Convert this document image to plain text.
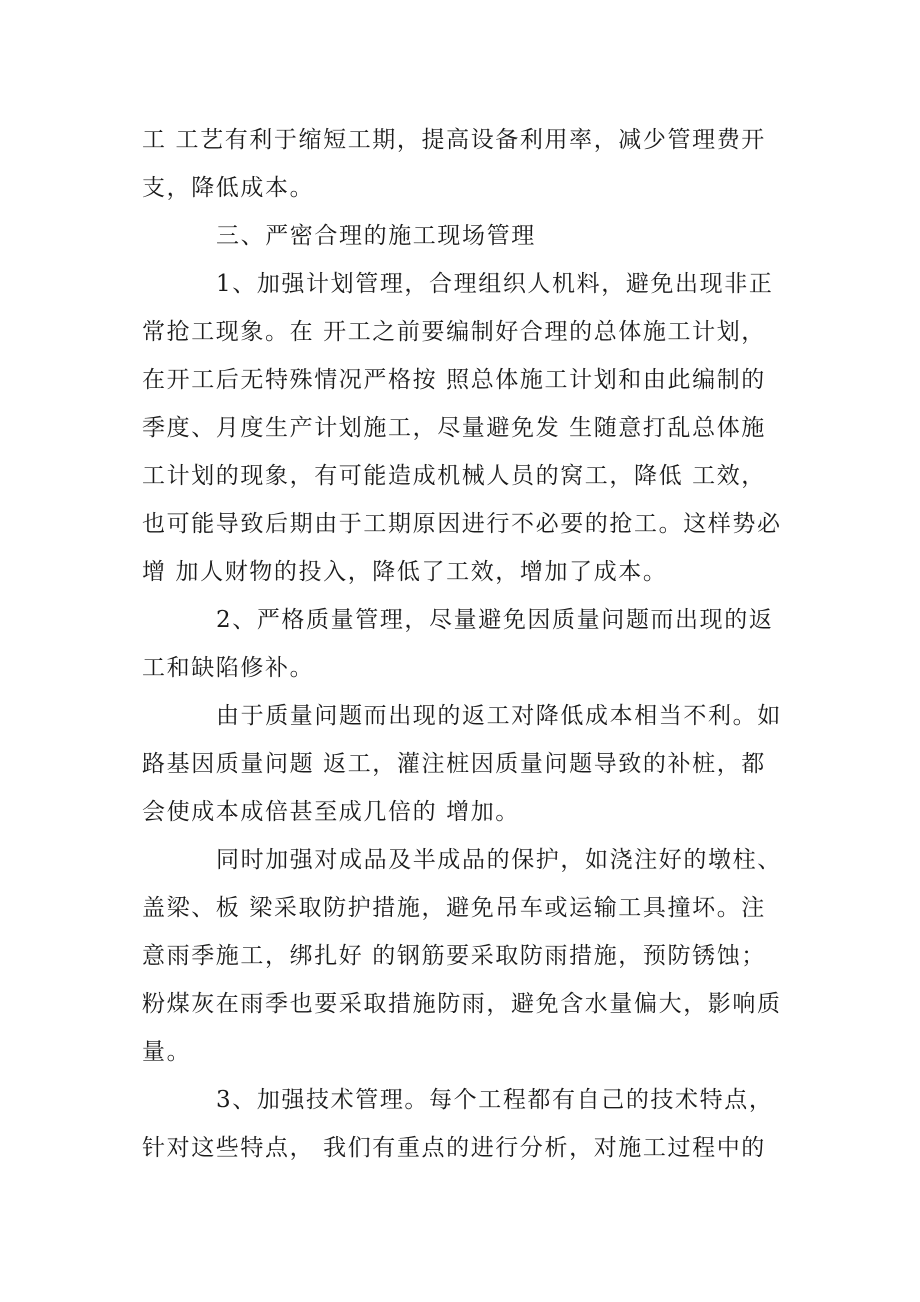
工 工艺有利于缩短工期，提高设备利用率，减少管理费开
支，降低成本。
三、严密合理的施工现场管理
1、加强计划管理，合理组织人机料，避免出现非正
常抢工现象。在 开工之前要编制好合理的总体施工计划，
在开工后无特殊情况严格按 照总体施工计划和由此编制的
季度、月度生产计划施工，尽量避免发 生随意打乱总体施
工计划的现象，有可能造成机械人员的窝工，降低 工效，
也可能导致后期由于工期原因进行不必要的抢工。这样势必
增 加人财物的投入，降低了工效，增加了成本。
2、严格质量管理，尽量避免因质量问题而出现的返
工和缺陷修补。
由于质量问题而出现的返工对降低成本相当不利。如
路基因质量问题 返工，灌注桩因质量问题导致的补桩，都
会使成本成倍甚至成几倍的 增加。
同时加强对成品及半成品的保护，如浇注好的墩柱、
盖梁、板 梁采取防护措施，避免吊车或运输工具撞坏。注
意雨季施工，绑扎好 的钢筋要采取防雨措施，预防锈蚀；
粉煤灰在雨季也要采取措施防雨，避免含水量偏大，影响质
量。
3、加强技术管理。每个工程都有自己的技术特点，
针对这些特点， 我们有重点的进行分析，对施工过程中的
